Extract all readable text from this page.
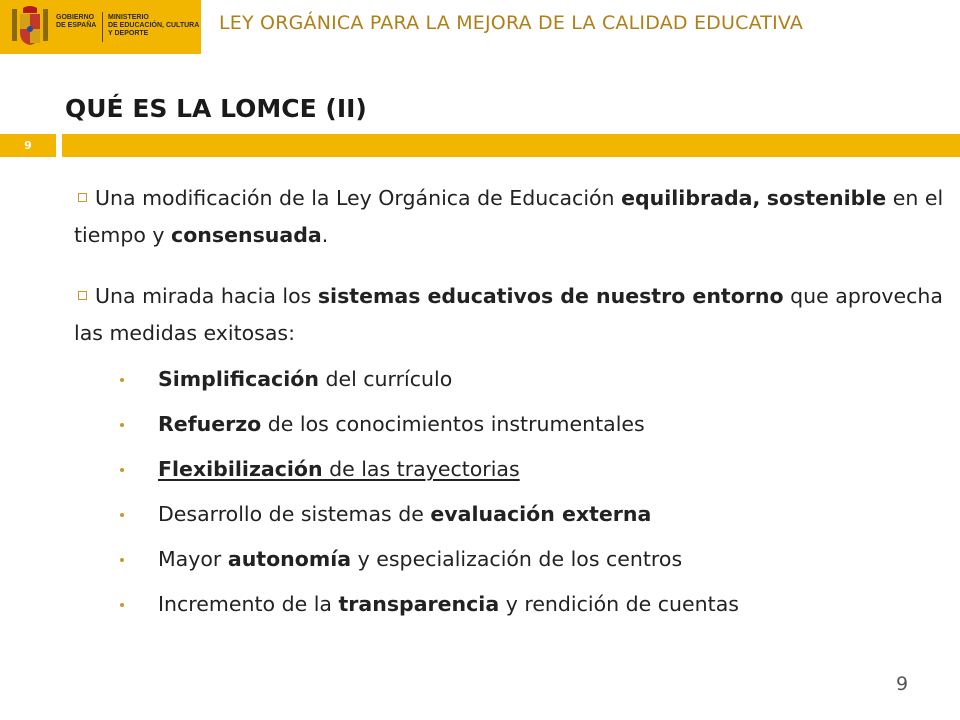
GOBIERNO
DE ESPAÑA
MINISTERIO
DE EDUCACIÓN, CULTURA
Y DEPORTE	LEY ORGÁNICA PARA LA MEJORA DE LA CALIDAD EDUCATIVA
QUÉ ES LA LOMCE (II)
9

Una modificación de la Ley Orgánica de Educación equilibrada, sostenible en el tiempo y consensuada.

Una mirada hacia los sistemas educativos de nuestro entorno que aprovecha las medidas exitosas:

Simplificación del currículo
Refuerzo de los conocimientos instrumentales
Flexibilización de las trayectorias
Desarrollo de sistemas de evaluación externa
Mayor autonomía y especialización de los centros
Incremento de la transparencia y rendición de cuentas
9
